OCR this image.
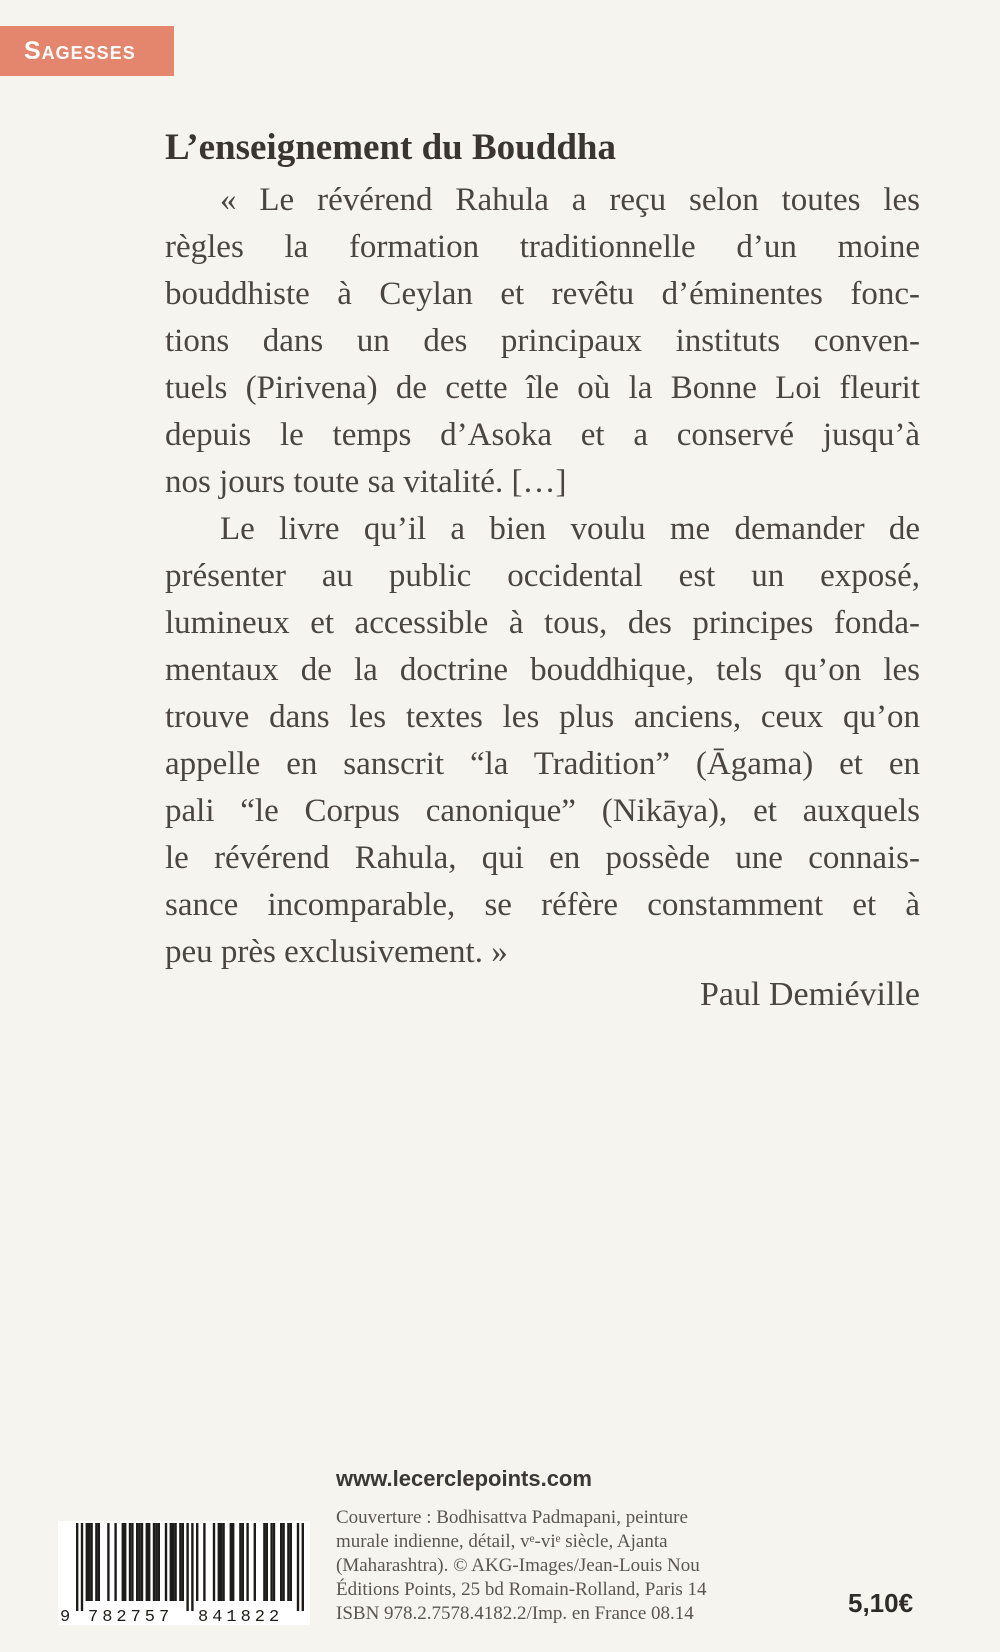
Sagesses
L’enseignement du Bouddha
« Le révérend Rahula a reçu selon toutes les
règles la formation traditionnelle d’un moine
bouddhiste à Ceylan et revêtu d’éminentes fonc-
tions dans un des principaux instituts conven-
tuels (Pirivena) de cette île où la Bonne Loi fleurit
depuis le temps d’Asoka et a conservé jusqu’à
nos jours toute sa vitalité. […]
Le livre qu’il a bien voulu me demander de
présenter au public occidental est un exposé,
lumineux et accessible à tous, des principes fonda-
mentaux de la doctrine bouddhique, tels qu’on les
trouve dans les textes les plus anciens, ceux qu’on
appelle en sanscrit “la Tradition” (Āgama) et en
pali “le Corpus canonique” (Nikāya), et auxquels
le révérend Rahula, qui en possède une connais-
sance incomparable, se réfère constamment et à
peu près exclusivement. »
Paul Demiéville
www.lecerclepoints.com
Couverture : Bodhisattva Padmapani, peinture
murale indienne, détail, vᵉ-viᵉ siècle, Ajanta
(Maharashtra). © AKG-Images/Jean-Louis Nou
Éditions Points, 25 bd Romain-Rolland, Paris 14
ISBN 978.2.7578.4182.2/Imp. en France 08.14
9 782757 841822	5,10€
